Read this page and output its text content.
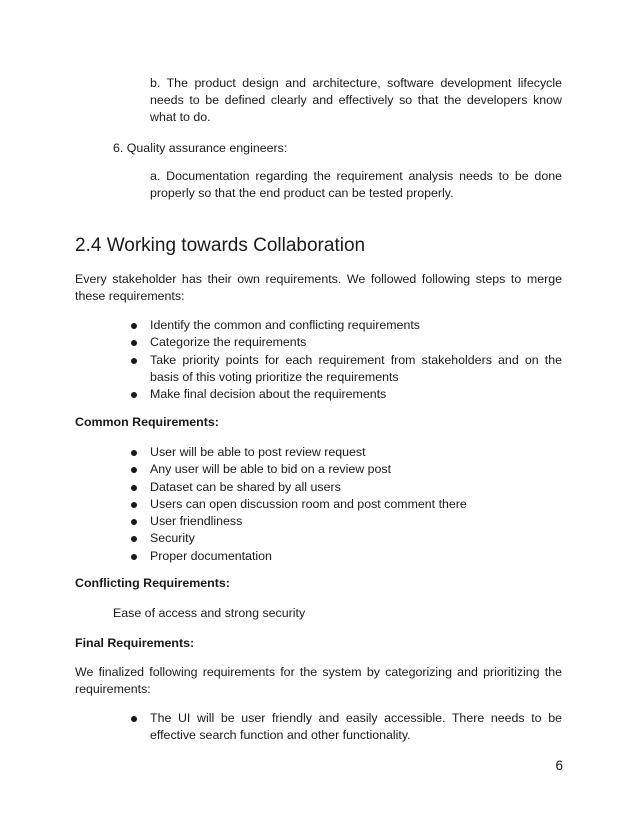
b. The product design and architecture, software development lifecycle needs to be defined clearly and effectively so that the developers know what to do.

6. Quality assurance engineers:

a. Documentation regarding the requirement analysis needs to be done properly so that the end product can be tested properly.

2.4 Working towards Collaboration

Every stakeholder has their own requirements. We followed following steps to merge these requirements:

Identify the common and conflicting requirements
Categorize the requirements
Take priority points for each requirement from stakeholders and on the basis of this voting prioritize the requirements
Make final decision about the requirements

Common Requirements:

User will be able to post review request
Any user will be able to bid on a review post
Dataset can be shared by all users
Users can open discussion room and post comment there
User friendliness
Security
Proper documentation

Conflicting Requirements:

Ease of access and strong security

Final Requirements:

We finalized following requirements for the system by categorizing and prioritizing the requirements:

The UI will be user friendly and easily accessible. There needs to be effective search function and other functionality.

6
